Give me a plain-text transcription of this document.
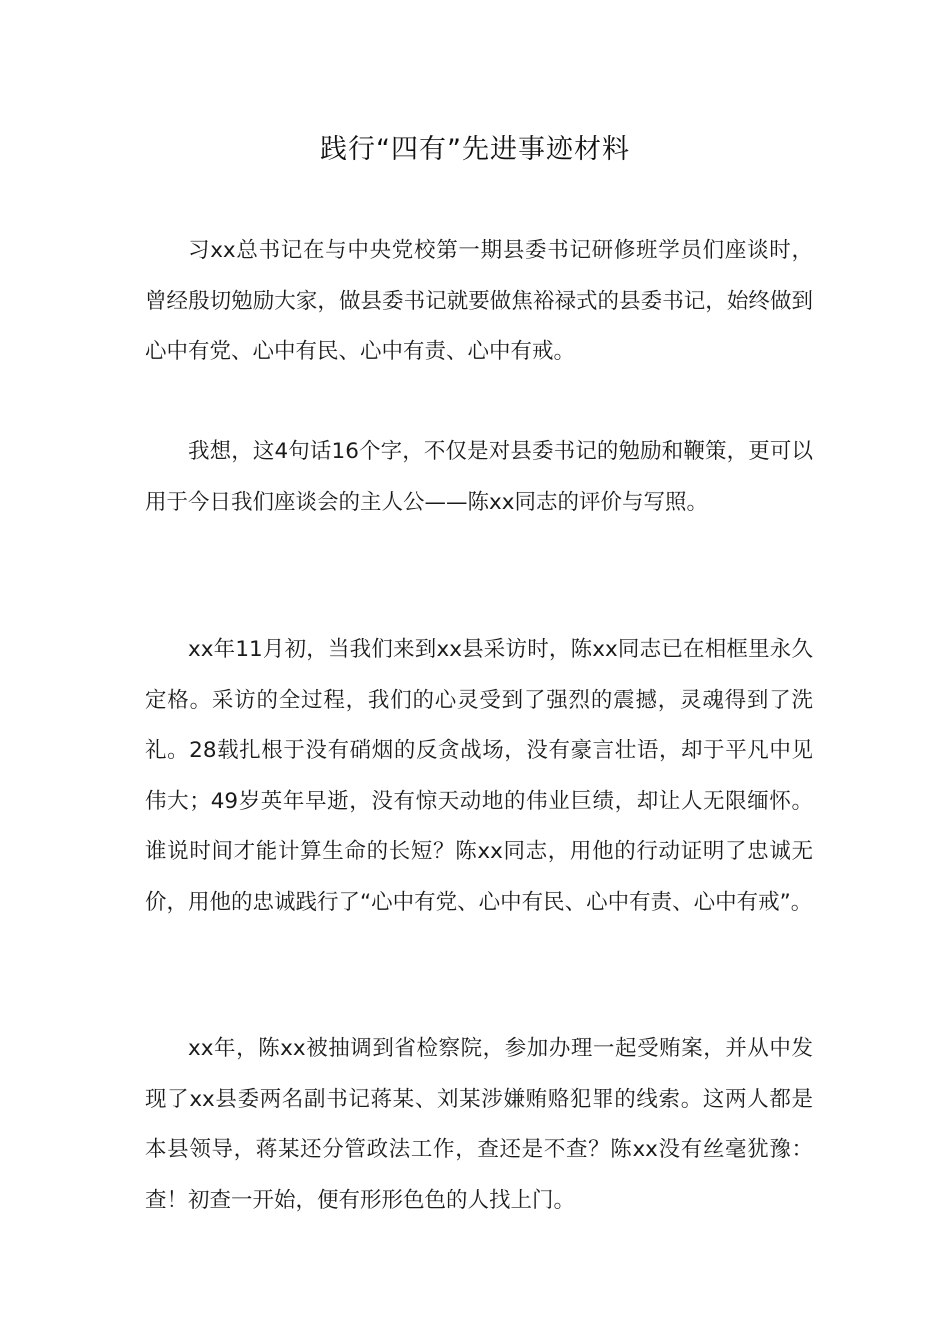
践行“四有”先进事迹材料

习xx总书记在与中央党校第一期县委书记研修班学员们座谈时，曾经殷切勉励大家，做县委书记就要做焦裕禄式的县委书记，始终做到心中有党、心中有民、心中有责、心中有戒。

我想，这4句话16个字，不仅是对县委书记的勉励和鞭策，更可以用于今日我们座谈会的主人公——陈xx同志的评价与写照。

xx年11月初，当我们来到xx县采访时，陈xx同志已在相框里永久定格。采访的全过程，我们的心灵受到了强烈的震撼，灵魂得到了洗礼。28载扎根于没有硝烟的反贪战场，没有豪言壮语，却于平凡中见伟大；49岁英年早逝，没有惊天动地的伟业巨绩，却让人无限缅怀。谁说时间才能计算生命的长短？陈xx同志，用他的行动证明了忠诚无价，用他的忠诚践行了“心中有党、心中有民、心中有责、心中有戒”。

xx年，陈xx被抽调到省检察院，参加办理一起受贿案，并从中发现了xx县委两名副书记蒋某、刘某涉嫌贿赂犯罪的线索。这两人都是本县领导，蒋某还分管政法工作，查还是不查？陈xx没有丝毫犹豫：查！初查一开始，便有形形色色的人找上门。
